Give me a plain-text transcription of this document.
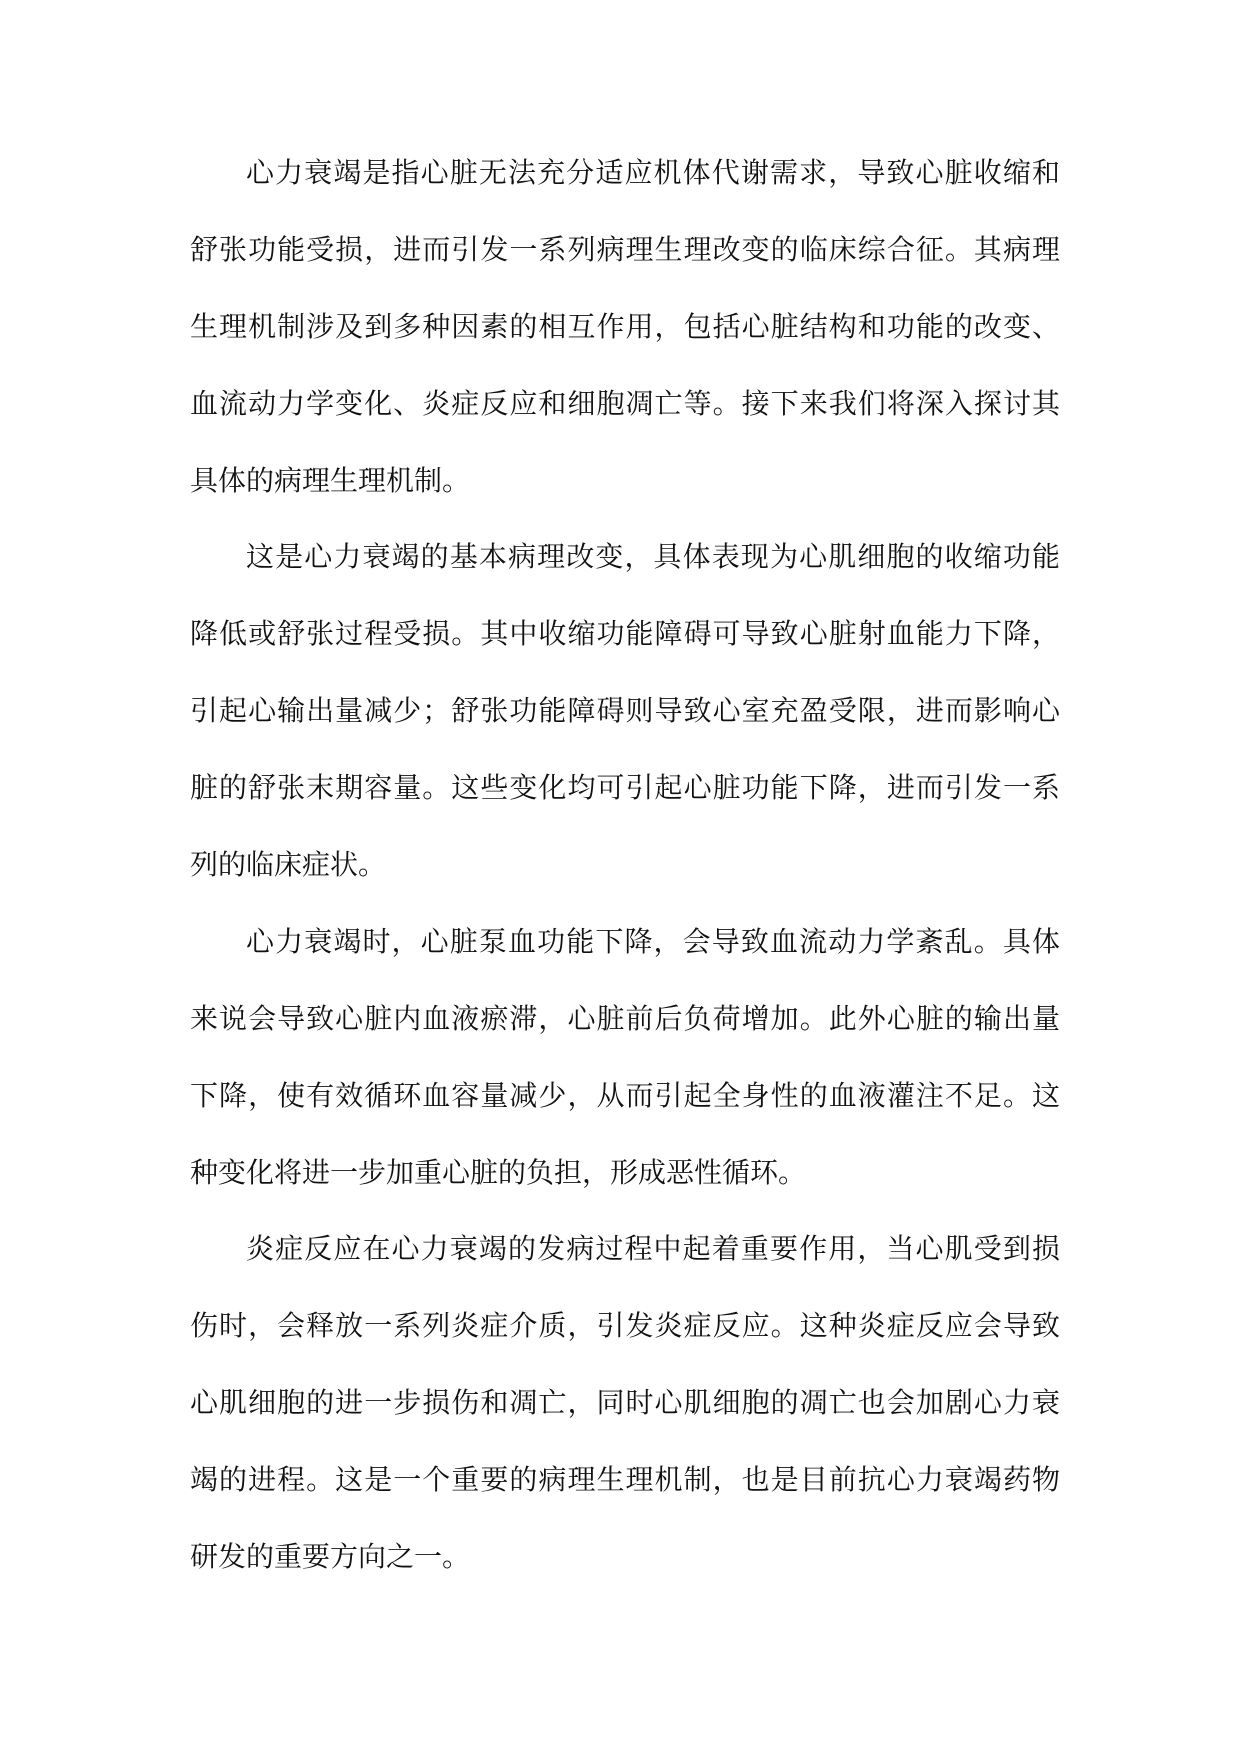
心力衰竭是指心脏无法充分适应机体代谢需求，导致心脏收缩和
舒张功能受损，进而引发一系列病理生理改变的临床综合征。其病理
生理机制涉及到多种因素的相互作用，包括心脏结构和功能的改变、
血流动力学变化、炎症反应和细胞凋亡等。接下来我们将深入探讨其
具体的病理生理机制。
这是心力衰竭的基本病理改变，具体表现为心肌细胞的收缩功能
降低或舒张过程受损。其中收缩功能障碍可导致心脏射血能力下降，
引起心输出量减少；舒张功能障碍则导致心室充盈受限，进而影响心
脏的舒张末期容量。这些变化均可引起心脏功能下降，进而引发一系
列的临床症状。
心力衰竭时，心脏泵血功能下降，会导致血流动力学紊乱。具体
来说会导致心脏内血液瘀滞，心脏前后负荷增加。此外心脏的输出量
下降，使有效循环血容量减少，从而引起全身性的血液灌注不足。这
种变化将进一步加重心脏的负担，形成恶性循环。
炎症反应在心力衰竭的发病过程中起着重要作用，当心肌受到损
伤时，会释放一系列炎症介质，引发炎症反应。这种炎症反应会导致
心肌细胞的进一步损伤和凋亡，同时心肌细胞的凋亡也会加剧心力衰
竭的进程。这是一个重要的病理生理机制，也是目前抗心力衰竭药物
研发的重要方向之一。
